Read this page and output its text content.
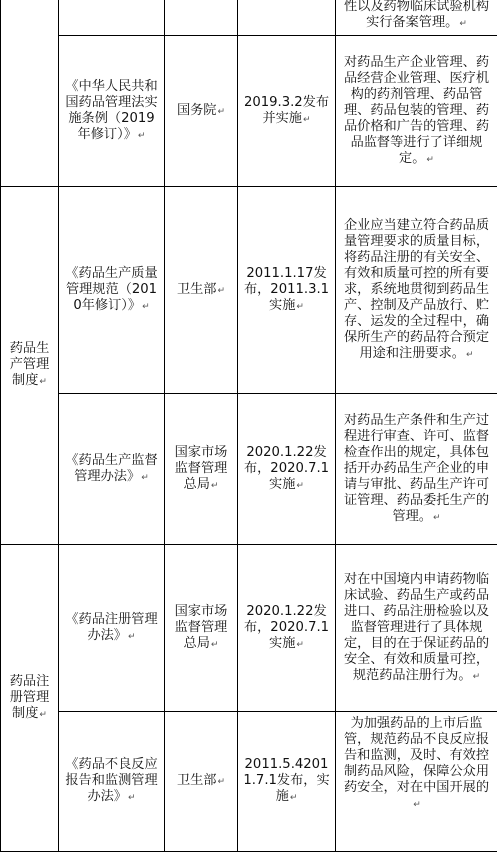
				性以及药物临床试验机构实行备案管理。↵

	《中华人民共和国药品管理法实施条例（2019年修订）》↵	国务院↵	2019.3.2发布并实施↵	对药品生产企业管理、药品经营企业管理、医疗机构的药剂管理、药品管理、药品包装的管理、药品价格和广告的管理、药品监督等进行了详细规定。↵

药品生产管理制度↵	《药品生产质量管理规范（2010年修订）》↵	卫生部↵	2011.1.17发布，2011.3.1实施↵	企业应当建立符合药品质量管理要求的质量目标，将药品注册的有关安全、有效和质量可控的所有要求，系统地贯彻到药品生产、控制及产品放行、贮存、运发的全过程中，确保所生产的药品符合预定用途和注册要求。↵

	《药品生产监督管理办法》↵	国家市场监督管理总局↵	2020.1.22发布，2020.7.1实施↵	对药品生产条件和生产过程进行审查、许可、监督检查作出的规定，具体包括开办药品生产企业的申请与审批、药品生产许可证管理、药品委托生产的管理。↵

药品注册管理制度↵	《药品注册管理办法》↵	国家市场监督管理总局↵	2020.1.22发布，2020.7.1实施↵	对在中国境内申请药物临床试验、药品生产或药品进口、药品注册检验以及监督管理进行了具体规定，目的在于保证药品的安全、有效和质量可控，规范药品注册行为。↵

	《药品不良反应报告和监测管理办法》↵	卫生部↵	2011.5.42011.7.1发布，实施↵	为加强药品的上市后监管，规范药品不良反应报告和监测，及时、有效控制药品风险，保障公众用药安全，对在中国开展的↵
